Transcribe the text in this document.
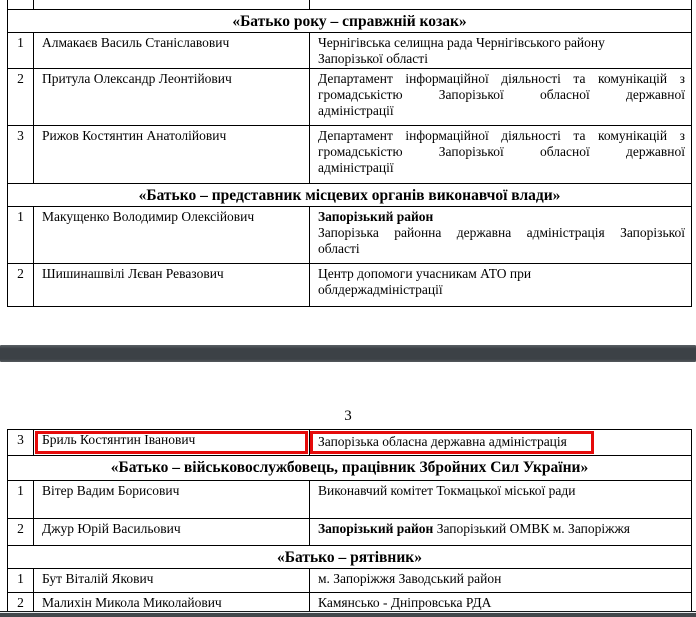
«Батько року – справжній козак»		
1	Алмакаєв Василь Станіславович	Чернігівська селищна рада Чернігівського району
Запорізької області

2	Притула Олександр Леонтійович	Департамент інформаційної діяльності та комунікацій з
громадськістю Запорізької обласної державної
адміністрації

3	Рижов Костянтин Анатолійович	Департамент інформаційної діяльності та комунікацій з
громадськістю Запорізької обласної державної
адміністрації

«Батько – представник місцевих органів виконавчої влади»		
1	Макущенко Володимир Олексійович	Запорізький район
Запорізька районна державна адміністрація Запорізької
області

2	Шишинашвілі Лєван Ревазович	Центр допомоги учасникам АТО при
облдержадміністрації
3
3	Бриль Костянтин Іванович	Запорізька обласна державна адміністрація

«Батько – військовослужбовець, працівник Збройних Сил України»		
1	Вітер Вадим Борисович	Виконавчий комітет Токмацької міської ради

2	Джур Юрій Васильович	Запорізький район Запорізький ОМВК м. Запоріжжя

«Батько – рятівник»		
1	Бут Віталій Якович	м. Запоріжжя Заводський район

2	Малихін Микола Миколайович	Камянсько - Дніпровська РДА
